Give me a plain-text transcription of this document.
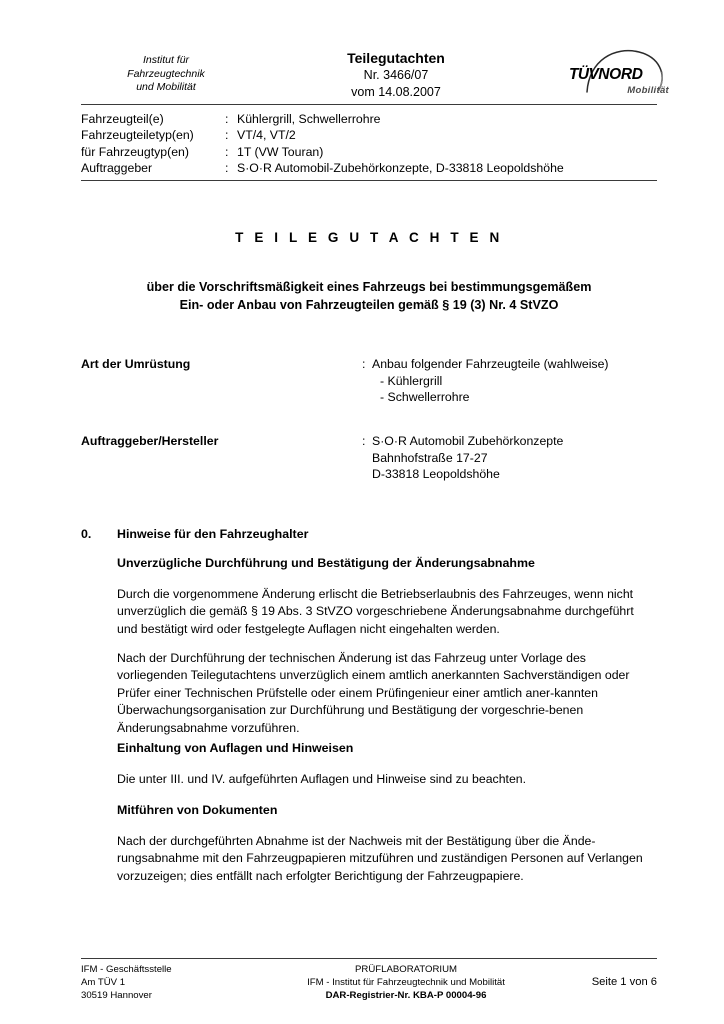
Institut für
Fahrzeugtechnik
und Mobilität
Teilegutachten
Nr. 3466/07
vom 14.08.2007
TÜVNORD
Mobilität
Fahrzeugteil(e)	: Kühlergrill, Schwellerrohre
Fahrzeugteiletyp(en)	: VT/4, VT/2
für Fahrzeugtyp(en)	: 1T (VW Touran)
Auftraggeber	: S·O·R Automobil-Zubehörkonzepte, D-33818 Leopoldshöhe
T E I L E G U T A C H T E N
über die Vorschriftsmäßigkeit eines Fahrzeugs bei bestimmungsgemäßem
Ein- oder Anbau von Fahrzeugteilen gemäß § 19 (3) Nr. 4 StVZO
Art der Umrüstung	: Anbau folgender Fahrzeugteile (wahlweise)
- Kühlergrill
- Schwellerrohre
Auftraggeber/Hersteller	: S·O·R Automobil Zubehörkonzepte
Bahnhofstraße 17-27
D-33818 Leopoldshöhe
0.	Hinweise für den Fahrzeughalter
Unverzügliche Durchführung und Bestätigung der Änderungsabnahme
Durch die vorgenommene Änderung erlischt die Betriebserlaubnis des Fahrzeuges, wenn nicht unverzüglich die gemäß § 19 Abs. 3 StVZO vorgeschriebene Änderungsabnahme durchgeführt und bestätigt wird oder festgelegte Auflagen nicht eingehalten werden.
Nach der Durchführung der technischen Änderung ist das Fahrzeug unter Vorlage des vorliegenden Teilegutachtens unverzüglich einem amtlich anerkannten Sachverständigen oder Prüfer einer Technischen Prüfstelle oder einem Prüfingenieur einer amtlich aner-kannten Überwachungsorganisation zur Durchführung und Bestätigung der vorgeschrie-benen Änderungsabnahme vorzuführen.
Einhaltung von Auflagen und Hinweisen
Die unter III. und IV. aufgeführten Auflagen und Hinweise sind zu beachten.
Mitführen von Dokumenten
Nach der durchgeführten Abnahme ist der Nachweis mit der Bestätigung über die Ände-rungsabnahme mit den Fahrzeugpapieren mitzuführen und zuständigen Personen auf Verlangen vorzuzeigen; dies entfällt nach erfolgter Berichtigung der Fahrzeugpapiere.
IFM - Geschäftsstelle
Am TÜV 1
30519 Hannover
PRÜFLABORATORIUM
IFM - Institut für Fahrzeugtechnik und Mobilität
DAR-Registrier-Nr. KBA-P 00004-96
Seite 1 von 6
